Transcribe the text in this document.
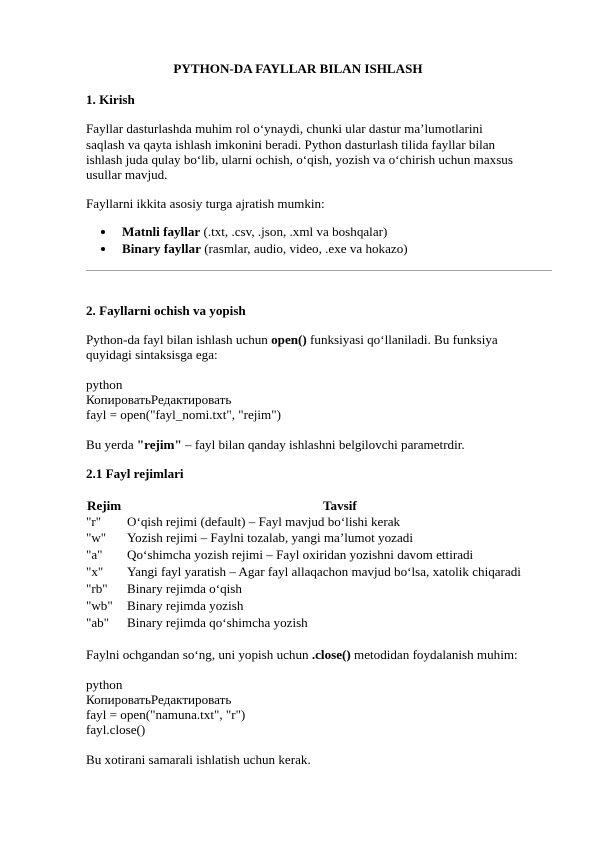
PYTHON-DA FAYLLAR BILAN ISHLASH
1. Kirish
Fayllar dasturlashda muhim rol o‘ynaydi, chunki ular dastur ma’lumotlarini
saqlash va qayta ishlash imkonini beradi. Python dasturlash tilida fayllar bilan
ishlash juda qulay bo‘lib, ularni ochish, o‘qish, yozish va o‘chirish uchun maxsus
usullar mavjud.
Fayllarni ikkita asosiy turga ajratish mumkin:
Matnli fayllar (.txt, .csv, .json, .xml va boshqalar)
Binary fayllar (rasmlar, audio, video, .exe va hokazo)
2. Fayllarni ochish va yopish
Python-da fayl bilan ishlash uchun open() funksiyasi qo‘llaniladi. Bu funksiya
quyidagi sintaksisga ega:
python
КопироватьРедактировать
fayl = open("fayl_nomi.txt", "rejim")
Bu yerda "rejim" – fayl bilan qanday ishlashni belgilovchi parametrdir.
2.1 Fayl rejimlari
Rejim	Tavsif
"r" O‘qish rejimi (default) – Fayl mavjud bo‘lishi kerak
"w" Yozish rejimi – Faylni tozalab, yangi ma’lumot yozadi
"a" Qo‘shimcha yozish rejimi – Fayl oxiridan yozishni davom ettiradi
"x" Yangi fayl yaratish – Agar fayl allaqachon mavjud bo‘lsa, xatolik chiqaradi
"rb" Binary rejimda o‘qish
"wb" Binary rejimda yozish
"ab" Binary rejimda qo‘shimcha yozish
Faylni ochgandan so‘ng, uni yopish uchun .close() metodidan foydalanish muhim:
python
КопироватьРедактировать
fayl = open("namuna.txt", "r")
fayl.close()
Bu xotirani samarali ishlatish uchun kerak.
